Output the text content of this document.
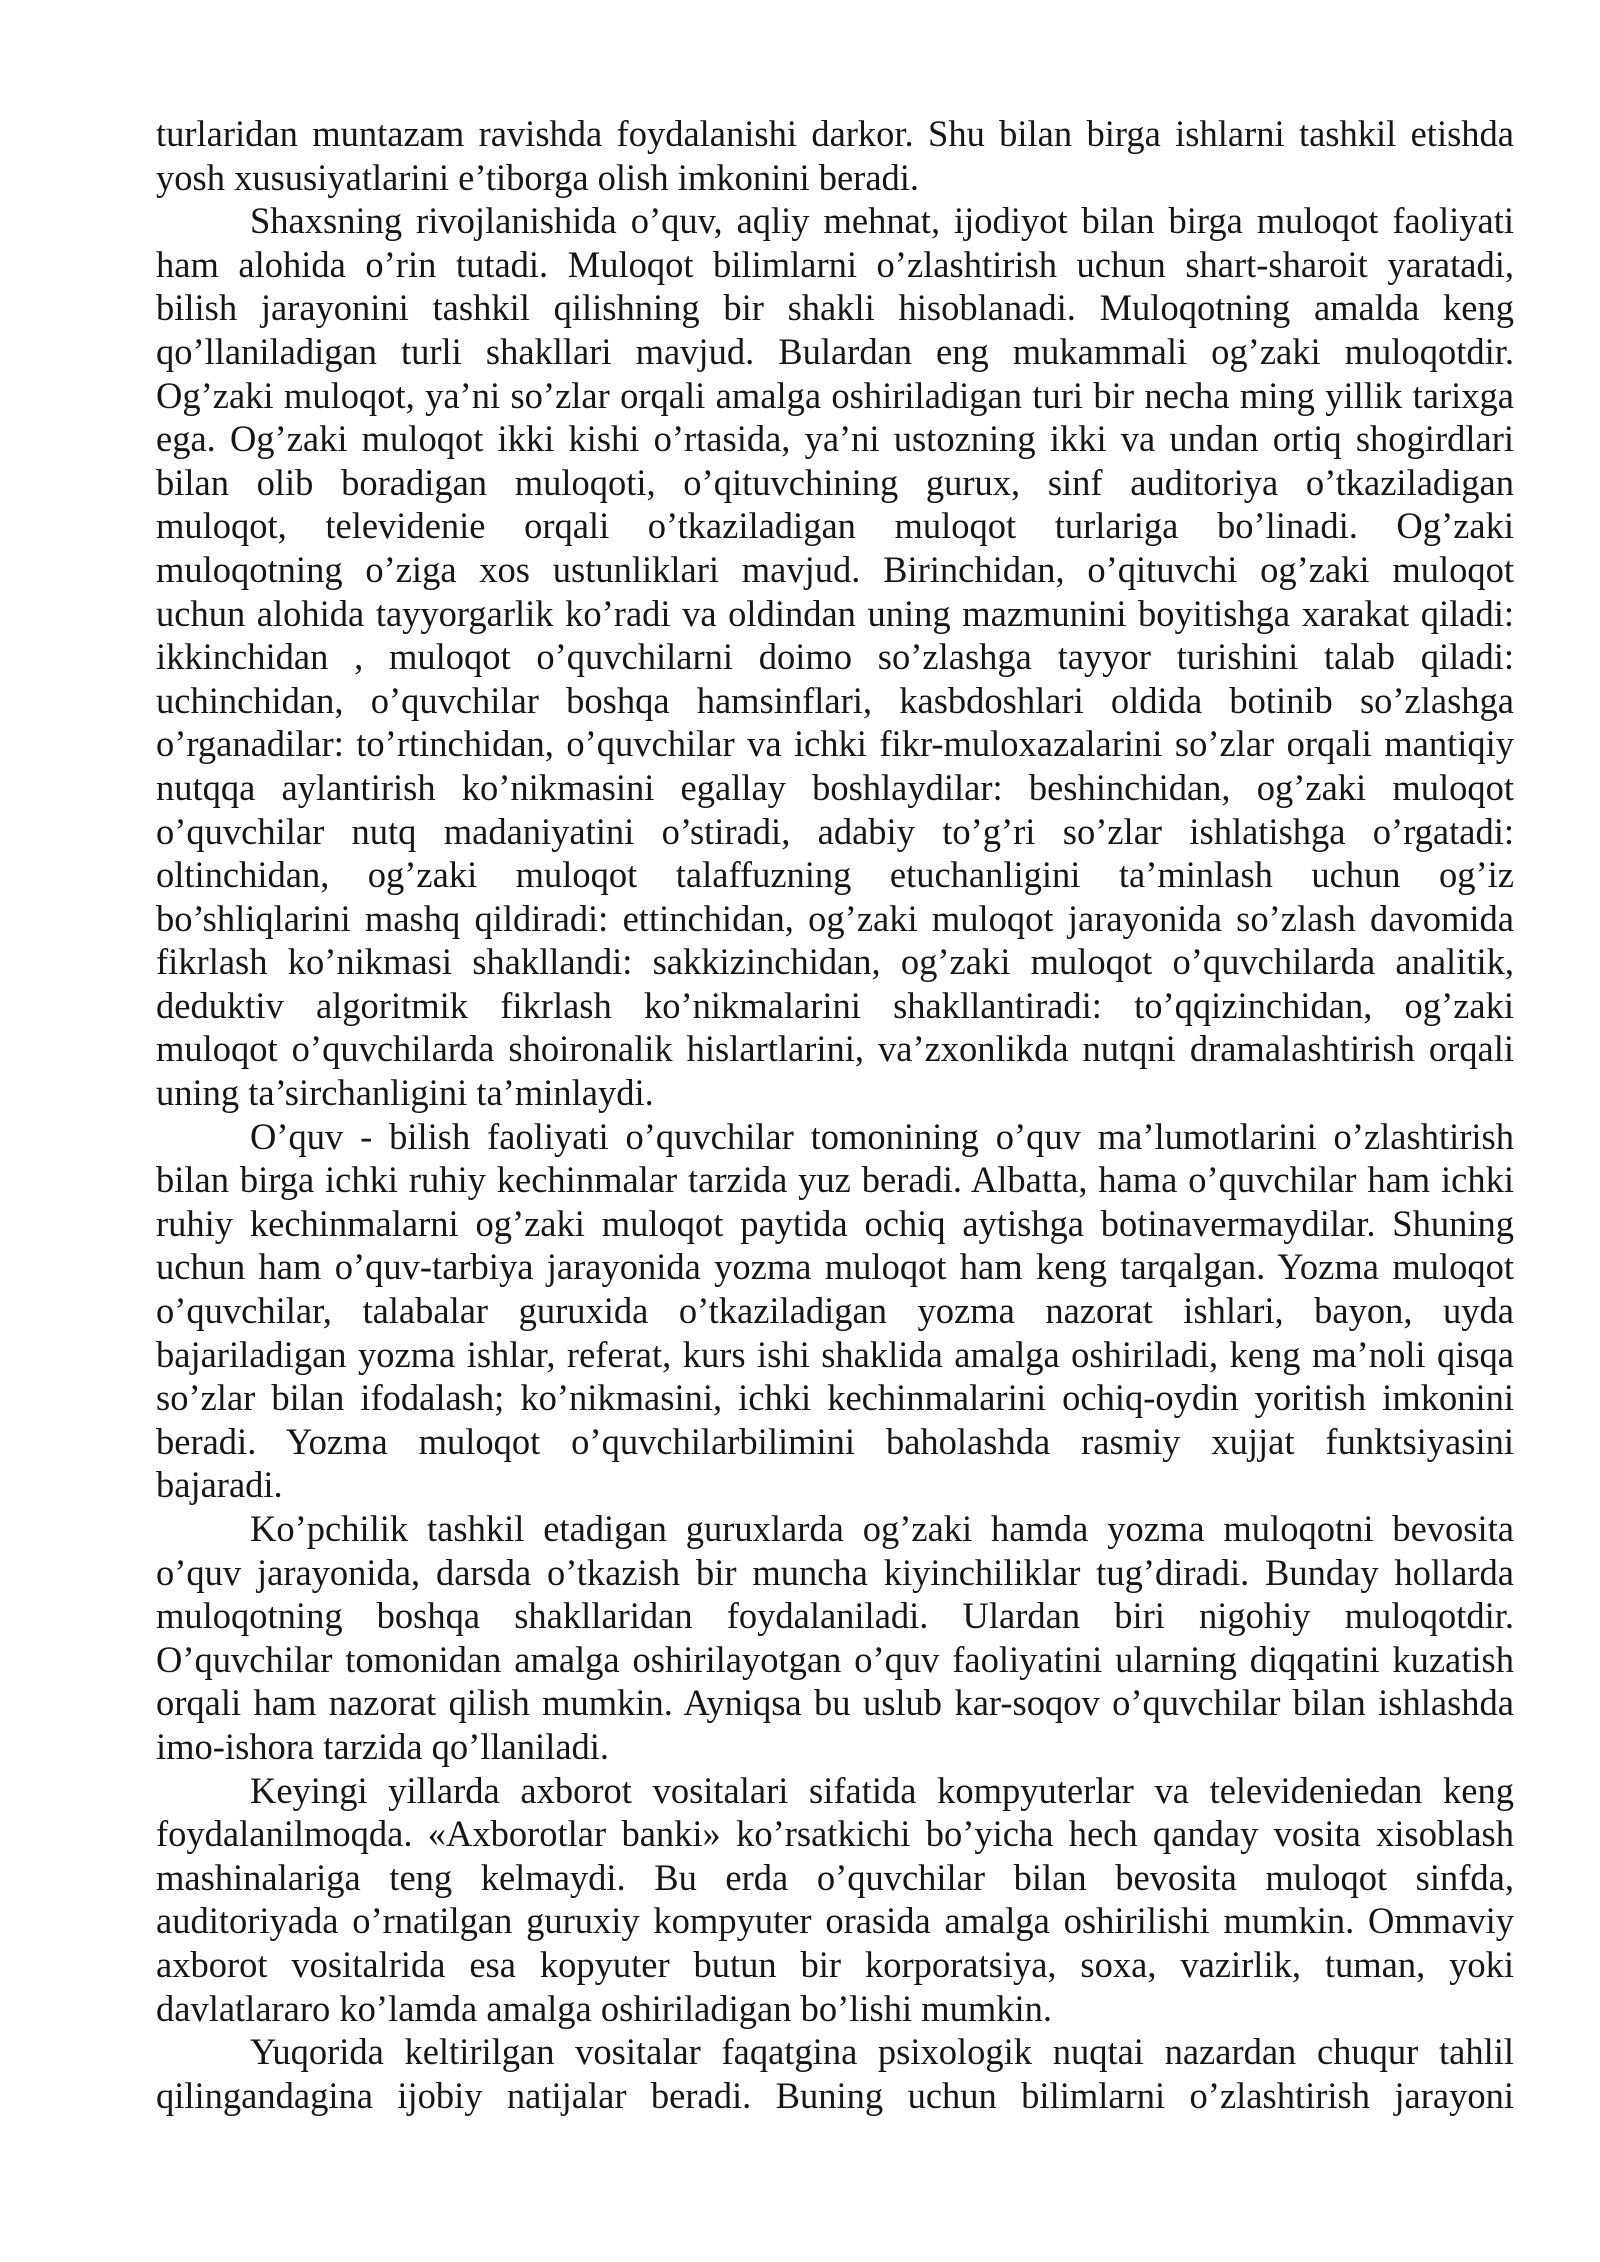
turlaridan muntazam ravishda foydalanishi darkor. Shu bilan birga ishlarni tashkil etishda
yosh xususiyatlarini e’tiborga olish imkonini beradi.
Shaxsning rivojlanishida o’quv, aqliy mehnat, ijodiyot bilan birga muloqot faoliyati
ham alohida o’rin tutadi. Muloqot bilimlarni o’zlashtirish uchun shart-sharoit yaratadi,
bilish jarayonini tashkil qilishning bir shakli hisoblanadi. Muloqotning amalda keng
qo’llaniladigan turli shakllari mavjud. Bulardan eng mukammali og’zaki muloqotdir.
Og’zaki muloqot, ya’ni so’zlar orqali amalga oshiriladigan turi bir necha ming yillik tarixga
ega. Og’zaki muloqot ikki kishi o’rtasida, ya’ni ustozning ikki va undan ortiq shogirdlari
bilan olib boradigan muloqoti, o’qituvchining gurux, sinf auditoriya o’tkaziladigan
muloqot, televidenie orqali o’tkaziladigan muloqot turlariga bo’linadi. Og’zaki
muloqotning o’ziga xos ustunliklari mavjud. Birinchidan, o’qituvchi og’zaki muloqot
uchun alohida tayyorgarlik ko’radi va oldindan uning mazmunini boyitishga xarakat qiladi:
ikkinchidan , muloqot o’quvchilarni doimo so’zlashga tayyor turishini talab qiladi:
uchinchidan, o’quvchilar boshqa hamsinflari, kasbdoshlari oldida botinib so’zlashga
o’rganadilar: to’rtinchidan, o’quvchilar va ichki fikr-muloxazalarini so’zlar orqali mantiqiy
nutqqa aylantirish ko’nikmasini egallay boshlaydilar: beshinchidan, og’zaki muloqot
o’quvchilar nutq madaniyatini o’stiradi, adabiy to’g’ri so’zlar ishlatishga o’rgatadi:
oltinchidan, og’zaki muloqot talaffuzning etuchanligini ta’minlash uchun og’iz
bo’shliqlarini mashq qildiradi: ettinchidan, og’zaki muloqot jarayonida so’zlash davomida
fikrlash ko’nikmasi shakllandi: sakkizinchidan, og’zaki muloqot o’quvchilarda analitik,
deduktiv algoritmik fikrlash ko’nikmalarini shakllantiradi: to’qqizinchidan, og’zaki
muloqot o’quvchilarda shoironalik hislartlarini, va’zxonlikda nutqni dramalashtirish orqali
uning ta’sirchanligini ta’minlaydi.
O’quv - bilish faoliyati o’quvchilar tomonining o’quv ma’lumotlarini o’zlashtirish
bilan birga ichki ruhiy kechinmalar tarzida yuz beradi. Albatta, hama o’quvchilar ham ichki
ruhiy kechinmalarni og’zaki muloqot paytida ochiq aytishga botinavermaydilar. Shuning
uchun ham o’quv-tarbiya jarayonida yozma muloqot ham keng tarqalgan. Yozma muloqot
o’quvchilar, talabalar guruxida o’tkaziladigan yozma nazorat ishlari, bayon, uyda
bajariladigan yozma ishlar, referat, kurs ishi shaklida amalga oshiriladi, keng ma’noli qisqa
so’zlar bilan ifodalash; ko’nikmasini, ichki kechinmalarini ochiq-oydin yoritish imkonini
beradi. Yozma muloqot o’quvchilarbilimini baholashda rasmiy xujjat funktsiyasini
bajaradi.
Ko’pchilik tashkil etadigan guruxlarda og’zaki hamda yozma muloqotni bevosita
o’quv jarayonida, darsda o’tkazish bir muncha kiyinchiliklar tug’diradi. Bunday hollarda
muloqotning boshqa shakllaridan foydalaniladi. Ulardan biri nigohiy muloqotdir.
O’quvchilar tomonidan amalga oshirilayotgan o’quv faoliyatini ularning diqqatini kuzatish
orqali ham nazorat qilish mumkin. Ayniqsa bu uslub kar-soqov o’quvchilar bilan ishlashda
imo-ishora tarzida qo’llaniladi.
Keyingi yillarda axborot vositalari sifatida kompyuterlar va televideniedan keng
foydalanilmoqda. «Axborotlar banki» ko’rsatkichi bo’yicha hech qanday vosita xisoblash
mashinalariga teng kelmaydi. Bu erda o’quvchilar bilan bevosita muloqot sinfda,
auditoriyada o’rnatilgan guruxiy kompyuter orasida amalga oshirilishi mumkin. Ommaviy
axborot vositalrida esa kopyuter butun bir korporatsiya, soxa, vazirlik, tuman, yoki
davlatlararo ko’lamda amalga oshiriladigan bo’lishi mumkin.
Yuqorida keltirilgan vositalar faqatgina psixologik nuqtai nazardan chuqur tahlil
qilingandagina ijobiy natijalar beradi. Buning uchun bilimlarni o’zlashtirish jarayoni
